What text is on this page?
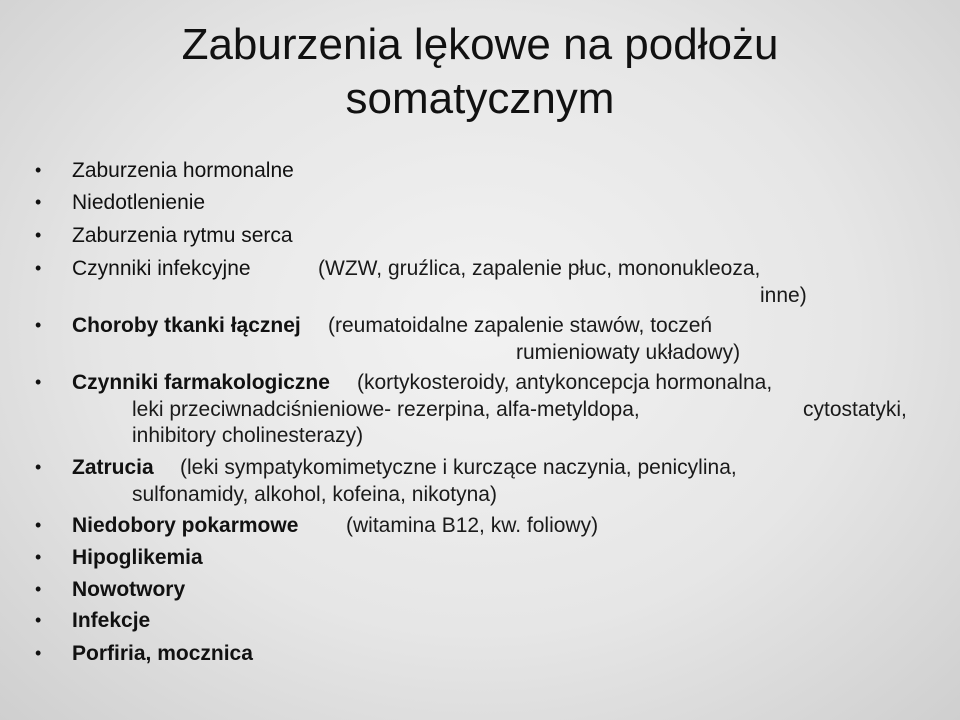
Zaburzenia lękowe na podłożu
somatycznym
• Zaburzenia hormonalne
• Niedotlenienie
• Zaburzenia rytmu serca
• Czynniki infekcyjne	(WZW, gruźlica, zapalenie płuc, mononukleoza,
inne)
• Choroby tkanki łącznej (reumatoidalne zapalenie stawów, toczeń
rumieniowaty układowy)
• Czynniki farmakologiczne (kortykosteroidy, antykoncepcja hormonalna,
leki przeciwnadciśnieniowe- rezerpina, alfa-metyldopa,	cytostatyki,
inhibitory cholinesterazy)
• Zatrucia (leki sympatykomimetyczne i kurczące naczynia, penicylina,
sulfonamidy, alkohol, kofeina, nikotyna)
• Niedobory pokarmowe (witamina B12, kw. foliowy)
• Hipoglikemia
• Nowotwory
• Infekcje
• Porfiria, mocznica
